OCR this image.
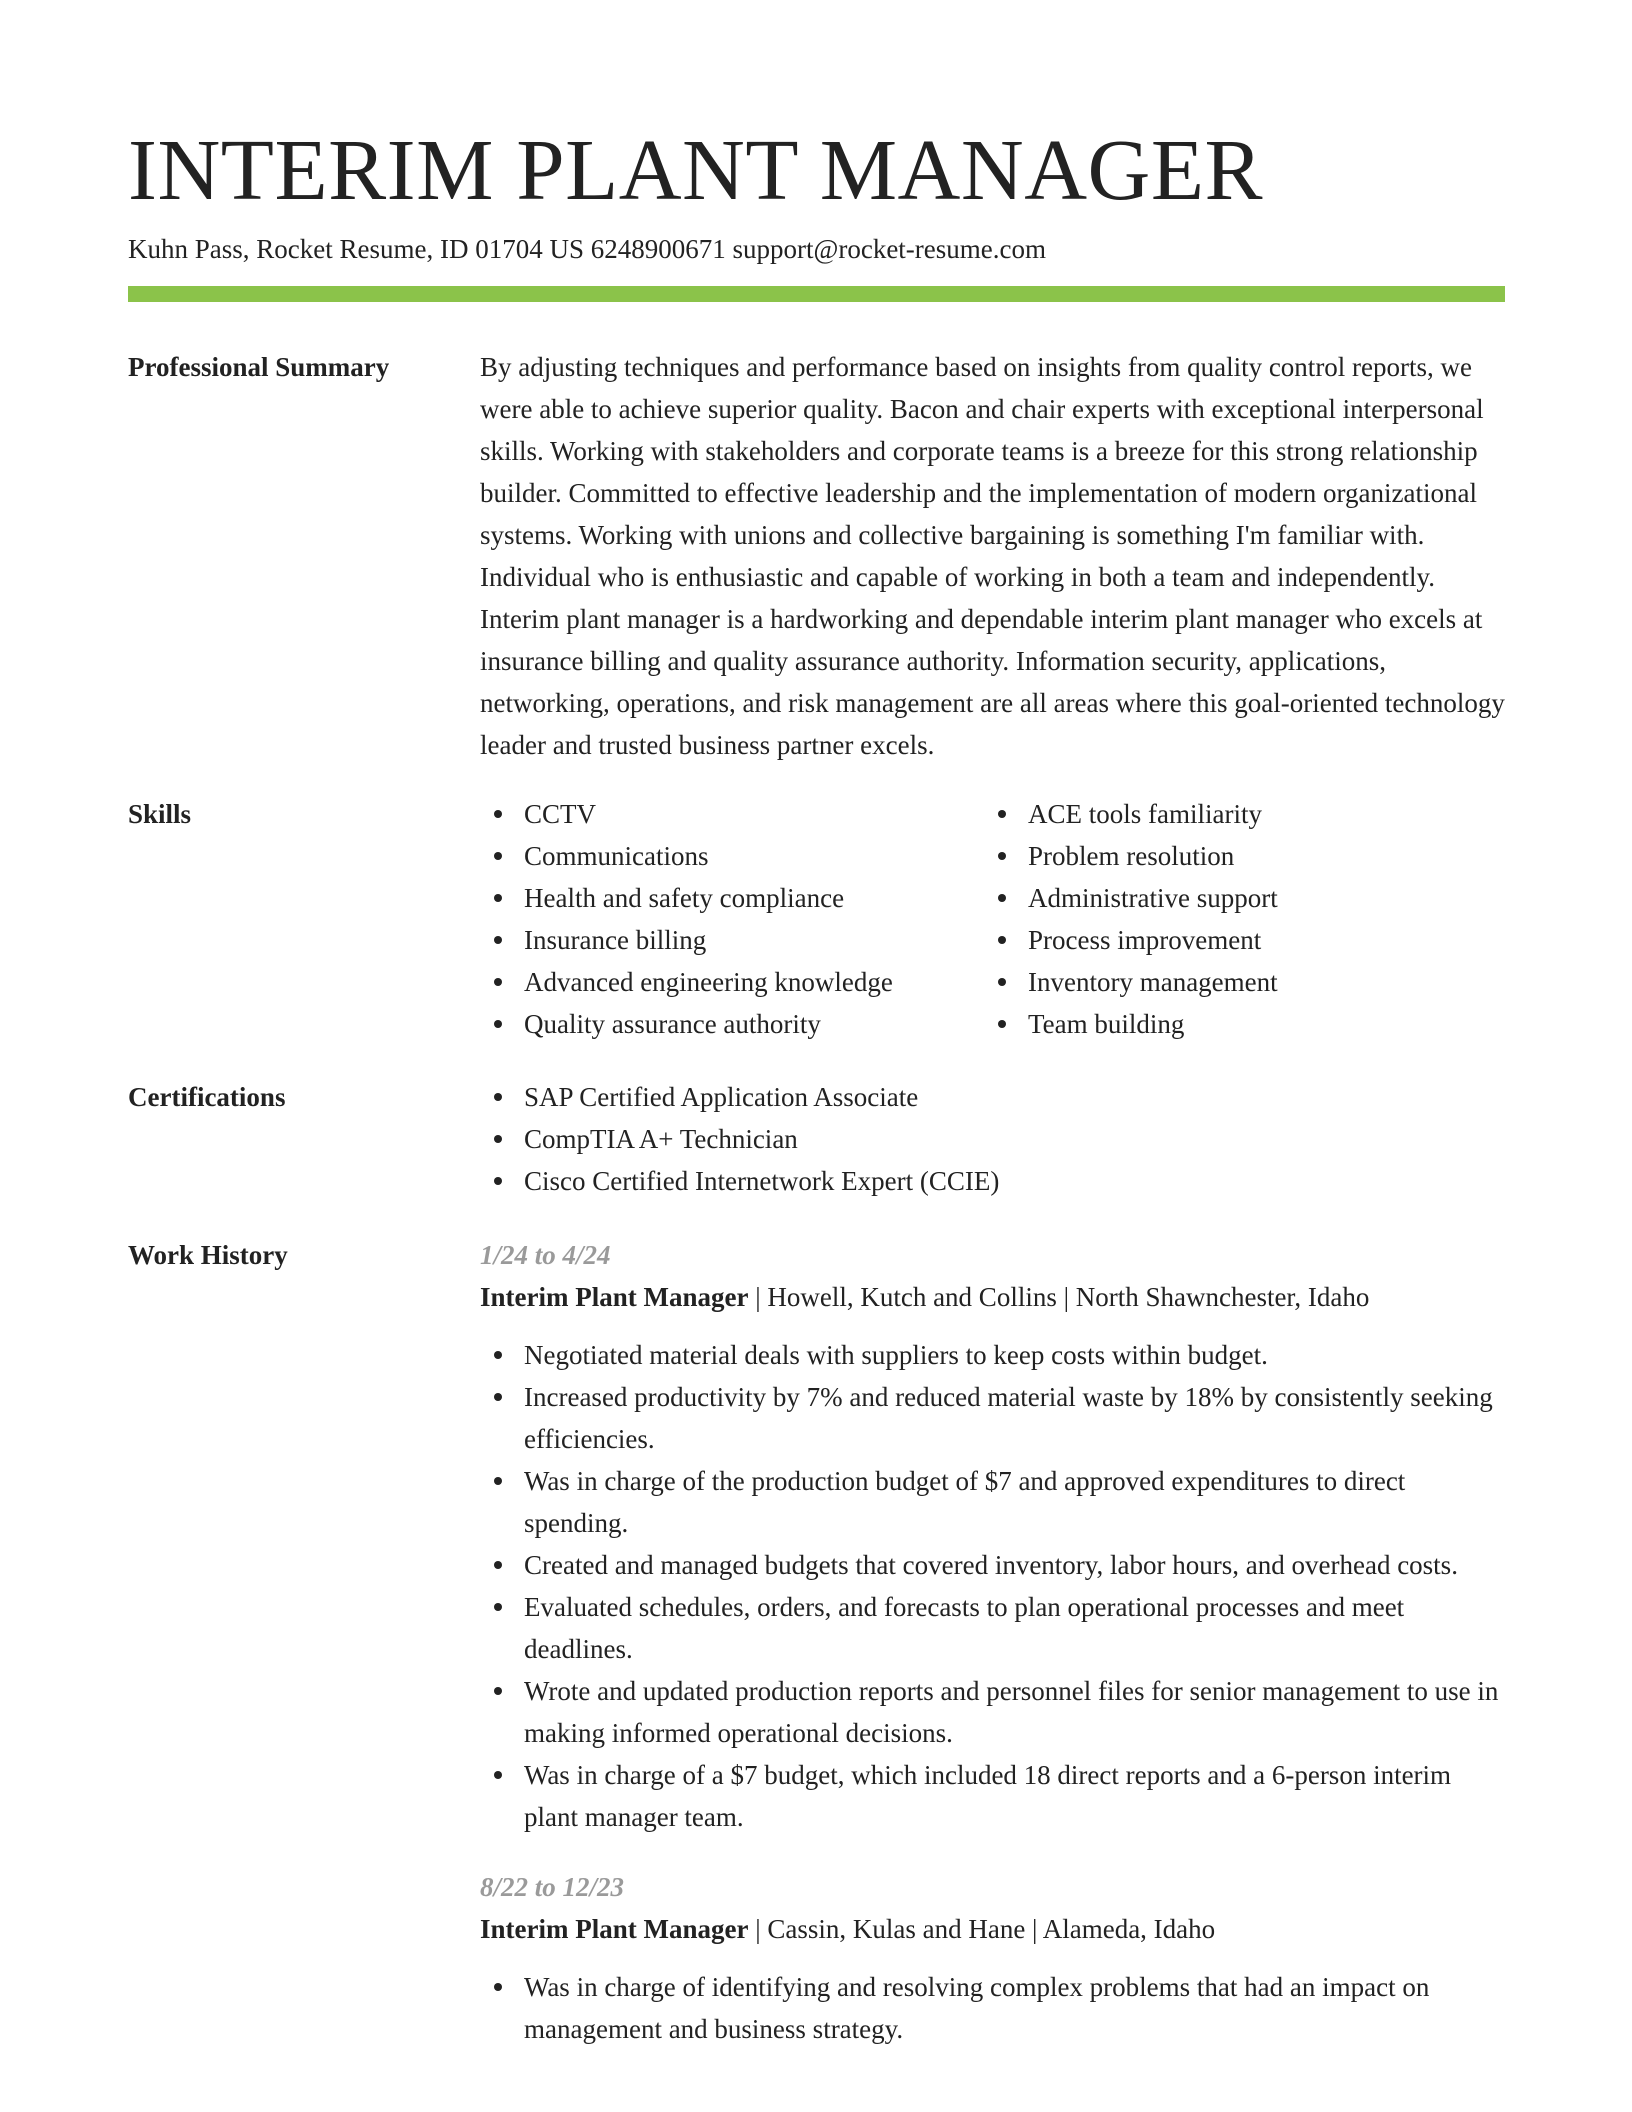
INTERIM PLANT MANAGER
Kuhn Pass, Rocket Resume, ID 01704 US 6248900671 support@rocket-resume.com
Professional Summary	By adjusting techniques and performance based on insights from quality control reports, we were able to achieve superior quality. Bacon and chair experts with exceptional interpersonal skills. Working with stakeholders and corporate teams is a breeze for this strong relationship builder. Committed to effective leadership and the implementation of modern organizational systems. Working with unions and collective bargaining is something I'm familiar with. Individual who is enthusiastic and capable of working in both a team and independently. Interim plant manager is a hardworking and dependable interim plant manager who excels at insurance billing and quality assurance authority. Information security, applications, networking, operations, and risk management are all areas where this goal-oriented technology leader and trusted business partner excels.

Skills	CCTV
Communications
Health and safety compliance
Insurance billing
Advanced engineering knowledge
Quality assurance authority
ACE tools familiarity
Problem resolution
Administrative support
Process improvement
Inventory management
Team building
Certifications	SAP Certified Application Associate
CompTIA A+ Technician
Cisco Certified Internetwork Expert (CCIE)
Work History	1/24 to 4/24
Interim Plant Manager | Howell, Kutch and Collins | North Shawnchester, Idaho
Negotiated material deals with suppliers to keep costs within budget.
Increased productivity by 7% and reduced material waste by 18% by consistently seeking efficiencies.
Was in charge of the production budget of $7 and approved expenditures to direct spending.
Created and managed budgets that covered inventory, labor hours, and overhead costs.
Evaluated schedules, orders, and forecasts to plan operational processes and meet deadlines.
Wrote and updated production reports and personnel files for senior management to use in making informed operational decisions.
Was in charge of a $7 budget, which included 18 direct reports and a 6-person interim plant manager team.
8/22 to 12/23
Interim Plant Manager | Cassin, Kulas and Hane | Alameda, Idaho
Was in charge of identifying and resolving complex problems that had an impact on management and business strategy.
